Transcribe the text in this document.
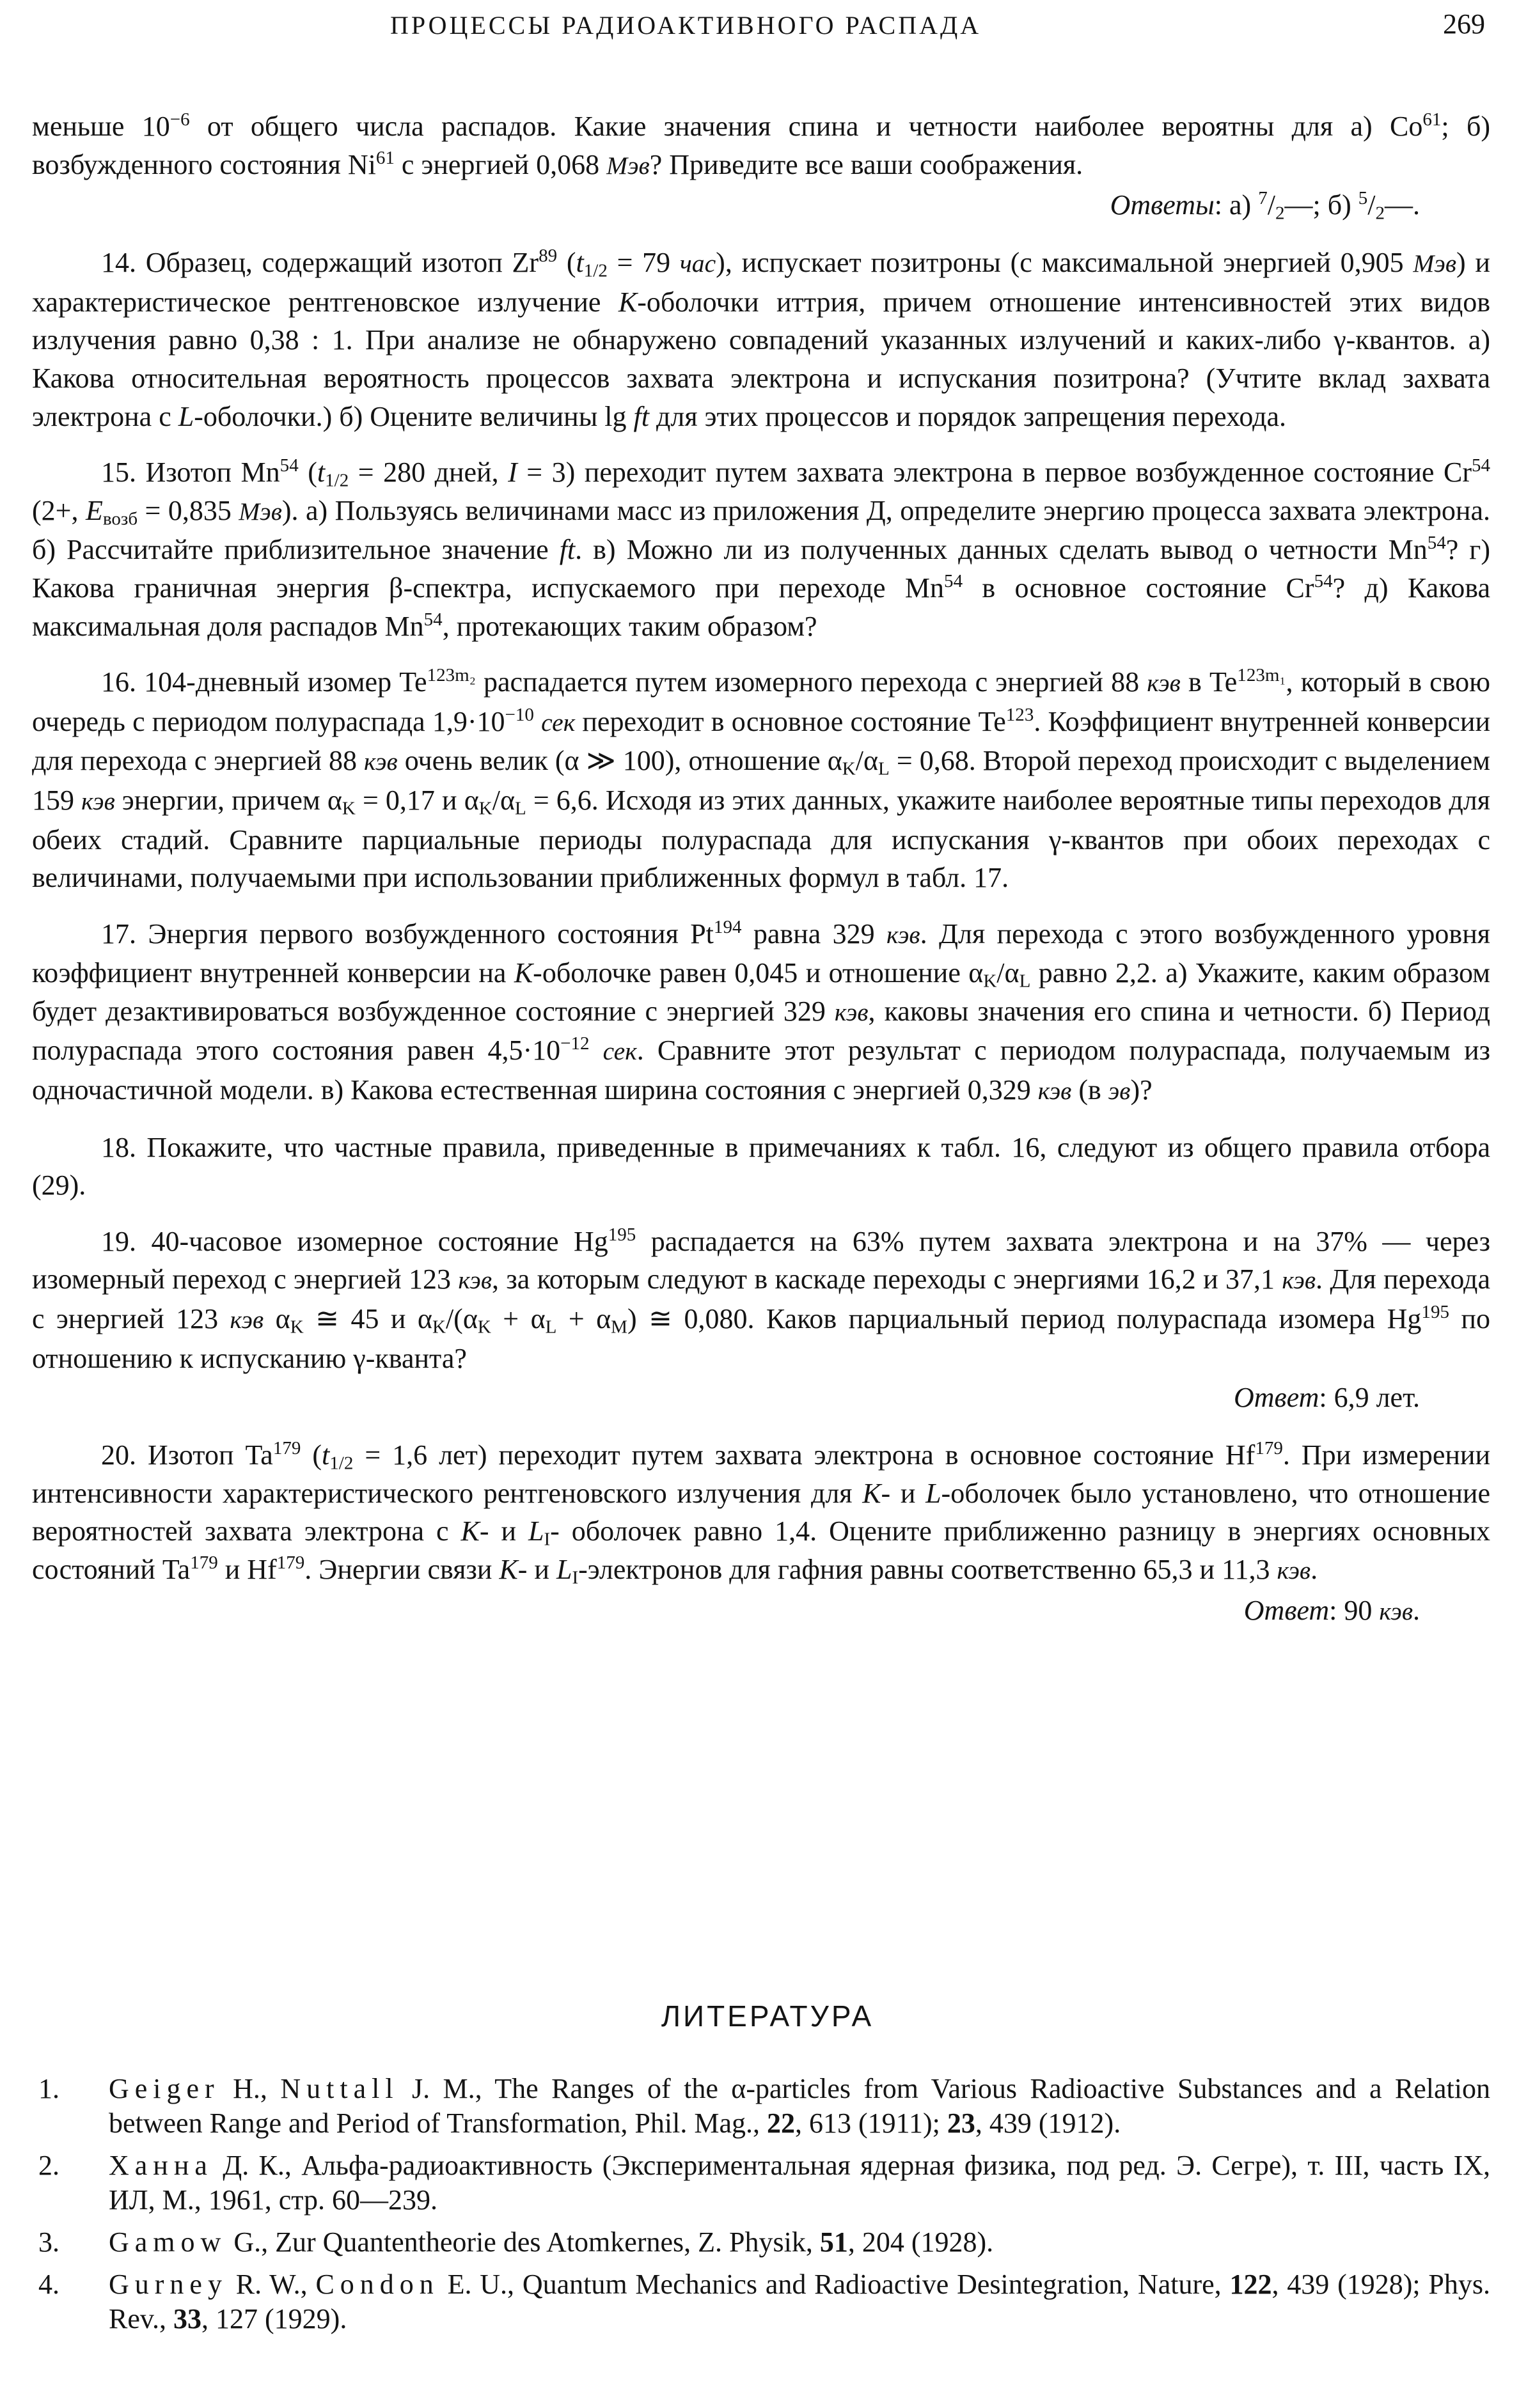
ПРОЦЕССЫ РАДИОАКТИВНОГО РАСПАДА	269

меньше $10^{-6}$ от общего числа распадов. Какие значения спина и четности наиболее вероятны для а) Co$^{61}$; б) возбужденного состояния Ni$^{61}$ с энергией 0,068 Мэв? Приведите все ваши соображения.

Ответы: а) $^7/_2—$; б) $^5/_2—$.

14. Образец, содержащий изотоп Zr$^{89}$ ($t_{1/2} = 79$ час), испускает позитроны (с максимальной энергией 0,905 Мэв) и характеристическое рентгеновское излучение K-оболочки иттрия, причем отношение интенсивностей этих видов излучения равно 0,38 : 1. При анализе не обнаружено совпадений указанных излучений и каких-либо γ-квантов. а) Какова относительная вероятность процессов захвата электрона и испускания позитрона? (Учтите вклад захвата электрона с L-оболочки.) б) Оцените величины lg ft для этих процессов и порядок запрещения перехода.

15. Изотоп Mn$^{54}$ ($t_{1/2} = 280$ дней, I = 3) переходит путем захвата электрона в первое возбужденное состояние Cr$^{54}$ (2+, $E_{возб} = 0,835$ Мэв). а) Пользуясь величинами масс из приложения Д, определите энергию процесса захвата электрона. б) Рассчитайте приблизительное значение ft. в) Можно ли из полученных данных сделать вывод о четности Mn$^{54}$? г) Какова граничная энергия β-спектра, испускаемого при переходе Mn$^{54}$ в основное состояние Cr$^{54}$? д) Какова максимальная доля распадов Mn$^{54}$, протекающих таким образом?

16. 104-дневный изомер $Te^{123m_2}$ распадается путем изомерного перехода с энергией 88 кэв в $Te^{123m_1}$, который в свою очередь с периодом полураспада $1,9\cdot 10^{-10}$ сек переходит в основное состояние Te$^{123}$. Коэффициент внутренней конверсии для перехода с энергией 88 кэв очень велик (α ≫ 100), отношение $\alpha_K/\alpha_L = 0,68$. Второй переход происходит с выделением 159 кэв энергии, причем $\alpha_K = 0,17$ и $\alpha_K/\alpha_L = 6,6$. Исходя из этих данных, укажите наиболее вероятные типы переходов для обеих стадий. Сравните парциальные периоды полураспада для испускания γ-квантов при обоих переходах с величинами, получаемыми при использовании приближенных формул в табл. 17.

17. Энергия первого возбужденного состояния Pt$^{194}$ равна 329 кэв. Для перехода с этого возбужденного уровня коэффициент внутренней конверсии на K-оболочке равен 0,045 и отношение $\alpha_K/\alpha_L$ равно 2,2. а) Укажите, каким образом будет дезактивироваться возбужденное состояние с энергией 329 кэв, каковы значения его спина и четности. б) Период полураспада этого состояния равен $4,5\cdot 10^{-12}$ сек. Сравните этот результат с периодом полураспада, получаемым из одночастичной модели. в) Какова естественная ширина состояния с энергией 0,329 кэв (в эв)?

18. Покажите, что частные правила, приведенные в примечаниях к табл. 16, следуют из общего правила отбора (29).

19. 40-часовое изомерное состояние Hg$^{195}$ распадается на 63% путем захвата электрона и на 37% — через изомерный переход с энергией 123 кэв, за которым следуют в каскаде переходы с энергиями 16,2 и 37,1 кэв. Для перехода с энергией 123 кэв $\alpha_K$ ≅ 45 и $\alpha_K/(\alpha_K + \alpha_L + \alpha_M)$ ≅ 0,080. Каков парциальный период полураспада изомера Hg$^{195}$ по отношению к испусканию γ-кванта?

Ответ: 6,9 лет.

20. Изотоп Ta$^{179}$ ($t_{1/2} = 1,6$ лет) переходит путем захвата электрона в основное состояние Hf$^{179}$. При измерении интенсивности характеристического рентгеновского излучения для K- и L-оболочек было установлено, что отношение вероятностей захвата электрона с K- и $L_I-$ оболочек равно 1,4. Оцените приближенно разницу в энергиях основных состояний Ta$^{179}$ и Hf$^{179}$. Энергии связи K- и $L_I$-электронов для гафния равны соответственно 65,3 и 11,3 кэв.

Ответ: 90 кэв.

ЛИТЕРАТУРА
1. Geiger H., Nuttall J. M., The Ranges of the α-particles from Various Radioactive Substances and a Relation between Range and Period of Transformation, Phil. Mag., 22, 613 (1911); 23, 439 (1912).
2. Ханна Д. К., Альфа-радиоактивность (Экспериментальная ядерная физика, под ред. Э. Сегре), т. III, часть IX, ИЛ, М., 1961, стр. 60—239.
3. Gamow G., Zur Quantentheorie des Atomkernes, Z. Physik, 51, 204 (1928).
4. Gurney R. W., Condon E. U., Quantum Mechanics and Radioactive Desintegration, Nature, 122, 439 (1928); Phys. Rev., 33, 127 (1929).
